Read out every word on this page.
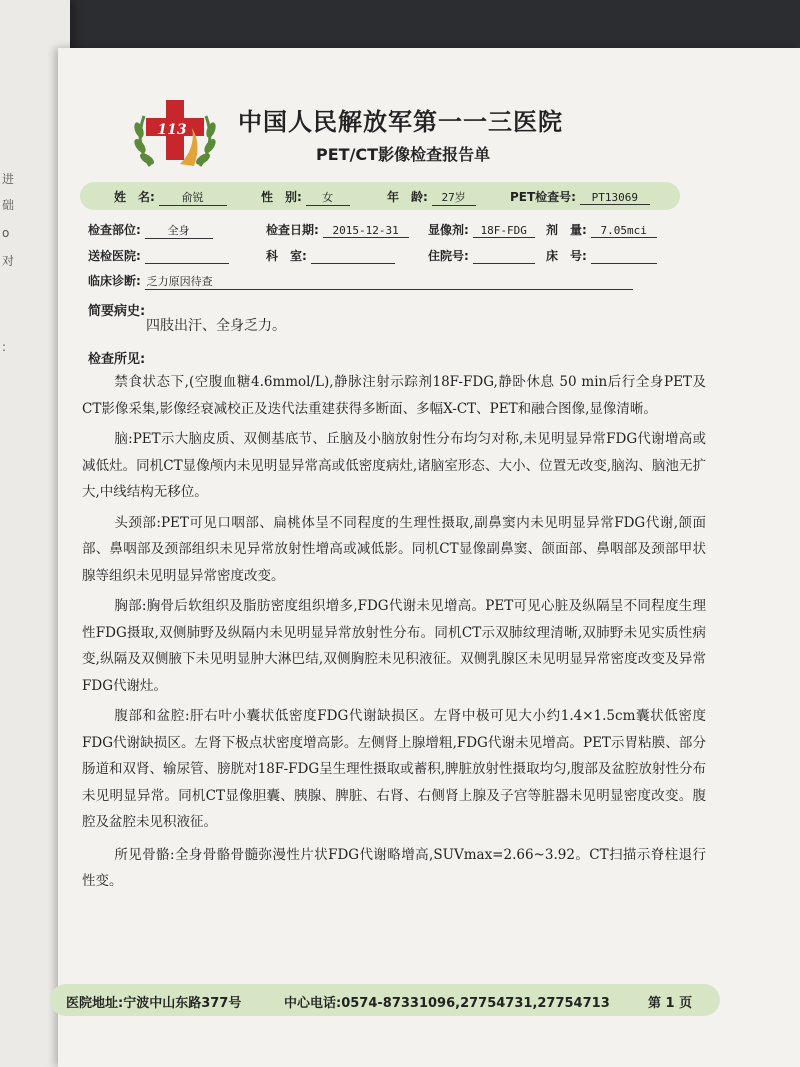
进
础
o
对
:
113 中国人民解放军第一一三医院
PET/CT影像检查报告单
姓　名: 俞锐	性　别: 女	年　龄: 27岁	PET检查号: PT13069
检查部位: 全身	检查日期: 2015-12-31	显像剂: 18F-FDG	剂　量: 7.05mci
送检医院:	科　室:	住院号:	床　号:
临床诊断: 乏力原因待查
简要病史:
四肢出汗、全身乏力。
检查所见:

禁食状态下,(空腹血糖4.6mmol/L),静脉注射示踪剂18F-FDG,静卧休息 50 min后行全身PET及CT影像采集,影像经衰减校正及迭代法重建获得多断面、多幅X-CT、PET和融合图像,显像清晰。

脑:PET示大脑皮质、双侧基底节、丘脑及小脑放射性分布均匀对称,未见明显异常FDG代谢增高或减低灶。同机CT显像颅内未见明显异常高或低密度病灶,诸脑室形态、大小、位置无改变,脑沟、脑池无扩大,中线结构无移位。

头颈部:PET可见口咽部、扁桃体呈不同程度的生理性摄取,副鼻窦内未见明显异常FDG代谢,颌面部、鼻咽部及颈部组织未见异常放射性增高或减低影。同机CT显像副鼻窦、颌面部、鼻咽部及颈部甲状腺等组织未见明显异常密度改变。

胸部:胸骨后软组织及脂肪密度组织增多,FDG代谢未见增高。PET可见心脏及纵隔呈不同程度生理性FDG摄取,双侧肺野及纵隔内未见明显异常放射性分布。同机CT示双肺纹理清晰,双肺野未见实质性病变,纵隔及双侧腋下未见明显肿大淋巴结,双侧胸腔未见积液征。双侧乳腺区未见明显异常密度改变及异常FDG代谢灶。

腹部和盆腔:肝右叶小囊状低密度FDG代谢缺损区。左肾中极可见大小约1.4×1.5cm囊状低密度FDG代谢缺损区。左肾下极点状密度增高影。左侧肾上腺增粗,FDG代谢未见增高。PET示胃粘膜、部分肠道和双肾、输尿管、膀胱对18F-FDG呈生理性摄取或蓄积,脾脏放射性摄取均匀,腹部及盆腔放射性分布未见明显异常。同机CT显像胆囊、胰腺、脾脏、右肾、右侧肾上腺及子宫等脏器未见明显密度改变。腹腔及盆腔未见积液征。

所见骨骼:全身骨骼骨髓弥漫性片状FDG代谢略增高,SUVmax=2.66~3.92。CT扫描示脊柱退行性变。

医院地址:宁波中山东路377号	中心电话:0574-87331096,27754731,27754713	第 1 页
